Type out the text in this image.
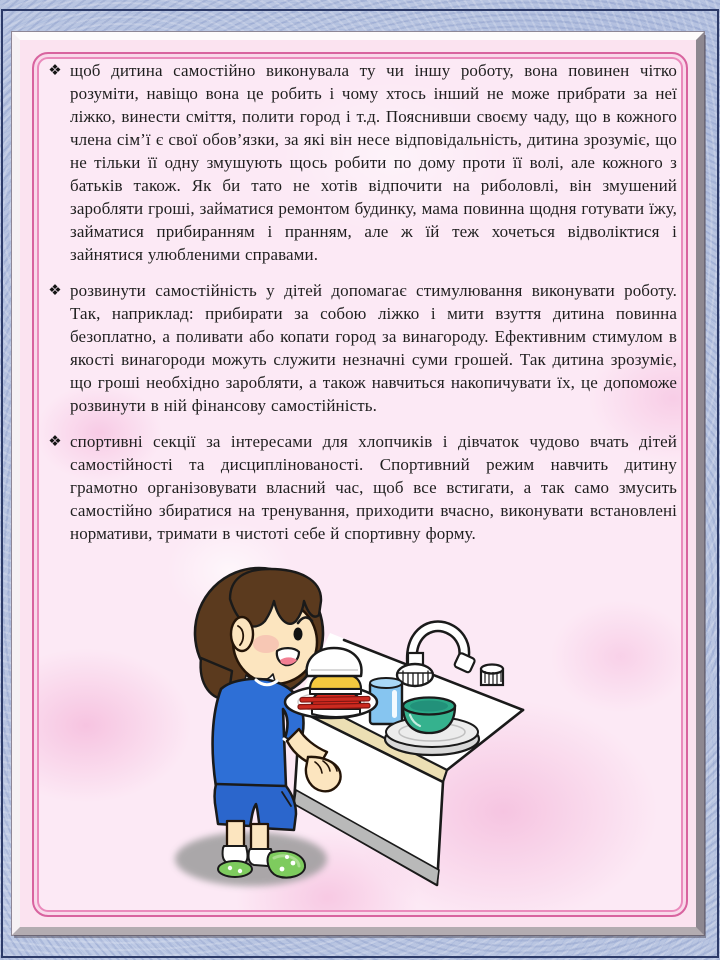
❖ щоб дитина самостійно виконувала ту чи іншу роботу, вона повинен чітко розуміти, навіщо вона це робить і чому хтось інший не може прибрати за неї ліжко, винести сміття, полити город і т.д. Пояснивши своєму чаду, що в кожного члена сім’ї є свої обов’язки, за які він несе відповідальність, дитина зрозуміє, що не тільки її одну змушують щось робити по дому проти її волі, але кожного з батьків також. Як би тато не хотів відпочити на риболовлі, він змушений заробляти гроші, займатися ремонтом будинку, мама повинна щодня готувати їжу, займатися прибиранням і пранням, але ж їй теж хочеться відволіктися і зайнятися улюбленими справами.
❖ розвинути самостійність у дітей допомагає стимулювання виконувати роботу. Так, наприклад: прибирати за собою ліжко і мити взуття дитина повинна безоплатно, а поливати або копати город за винагороду. Ефективним стимулом в якості винагороди можуть служити незначні суми грошей. Так дитина зрозуміє, що гроші необхідно заробляти, а також навчиться накопичувати їх, це допоможе розвинути в ній фінансову самостійність.
❖ спортивні секції за інтересами для хлопчиків і дівчаток чудово вчать дітей самостійності та дисциплінованості. Спортивний режим навчить дитину грамотно організовувати власний час, щоб все встигати, а так само змусить самостійно збиратися на тренування, приходити вчасно, виконувати встановлені нормативи, тримати в чистоті себе й спортивну форму.
